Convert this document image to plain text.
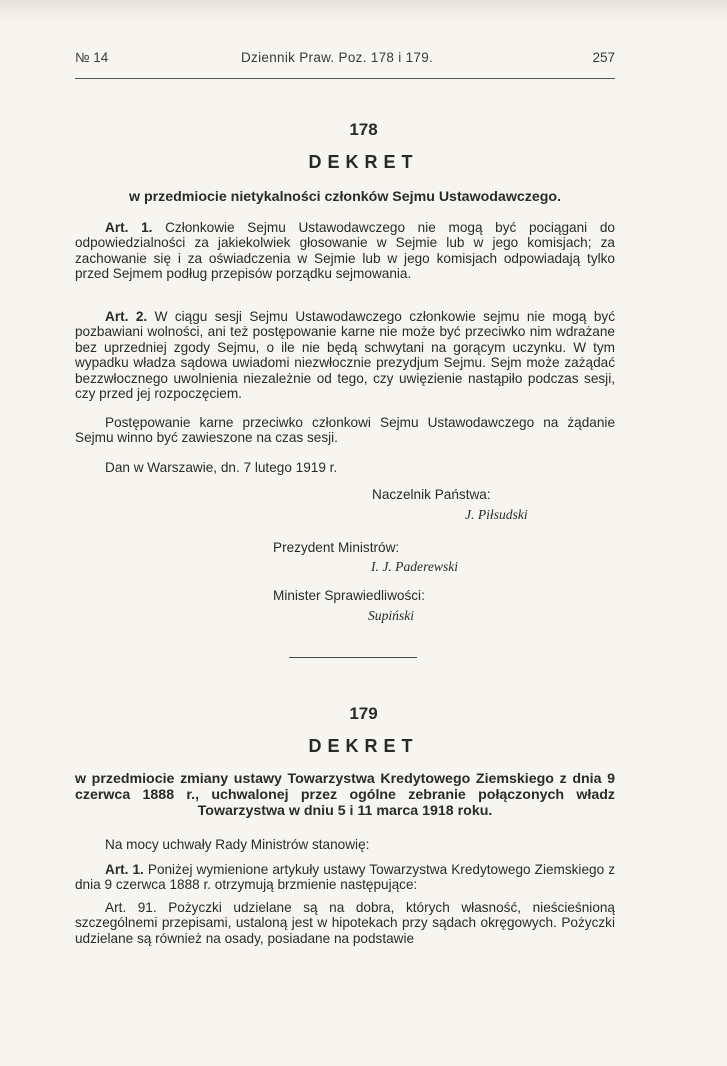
№ 14	Dziennik Praw. Poz. 178 i 179.	257
178
DEKRET
w przedmiocie nietykalności członków Sejmu Ustawodawczego.

Art. 1. Członkowie Sejmu Ustawodawczego nie mogą być pociągani do odpowiedzialności za jakiekolwiek głosowanie w Sejmie lub w jego komisjach; za zachowanie się i za oświadczenia w Sejmie lub w jego komisjach odpowiadają tylko przed Sejmem podług przepisów porządku sejmowania.

Art. 2. W ciągu sesji Sejmu Ustawodawczego członkowie sejmu nie mogą być pozbawiani wolności, ani też postępowanie karne nie może być przeciwko nim wdrażane bez uprzedniej zgody Sejmu, o ile nie będą schwytani na gorącym uczynku. W tym wypadku władza sądowa uwiadomi niezwłocznie prezydjum Sejmu. Sejm może zażądać bezzwłocznego uwolnienia niezależnie od tego, czy uwięzienie nastąpiło podczas sesji, czy przed jej rozpoczęciem.

Postępowanie karne przeciwko członkowi Sejmu Ustawodawczego na żądanie Sejmu winno być zawieszone na czas sesji.

Dan w Warszawie, dn. 7 lutego 1919 r.

Naczelnik Państwa:
J. Piłsudski
Prezydent Ministrów:
I. J. Paderewski
Minister Sprawiedliwości:
Supiński
179
DEKRET
w przedmiocie zmiany ustawy Towarzystwa Kredytowego Ziemskiego z dnia 9 czerwca 1888 r., uchwalonej przez ogólne zebranie połączonych władz Towarzystwa w dniu 5 i 11 marca 1918 roku.

Na mocy uchwały Rady Ministrów stanowię:

Art. 1. Poniżej wymienione artykuły ustawy Towarzystwa Kredytowego Ziemskiego z dnia 9 czerwca 1888 r. otrzymują brzmienie następujące:

Art. 91. Pożyczki udzielane są na dobra, których własność, nieścieśnioną szczególnemi przepisami, ustaloną jest w hipotekach przy sądach okręgowych. Pożyczki udzielane są również na osady, posiadane na podstawie
